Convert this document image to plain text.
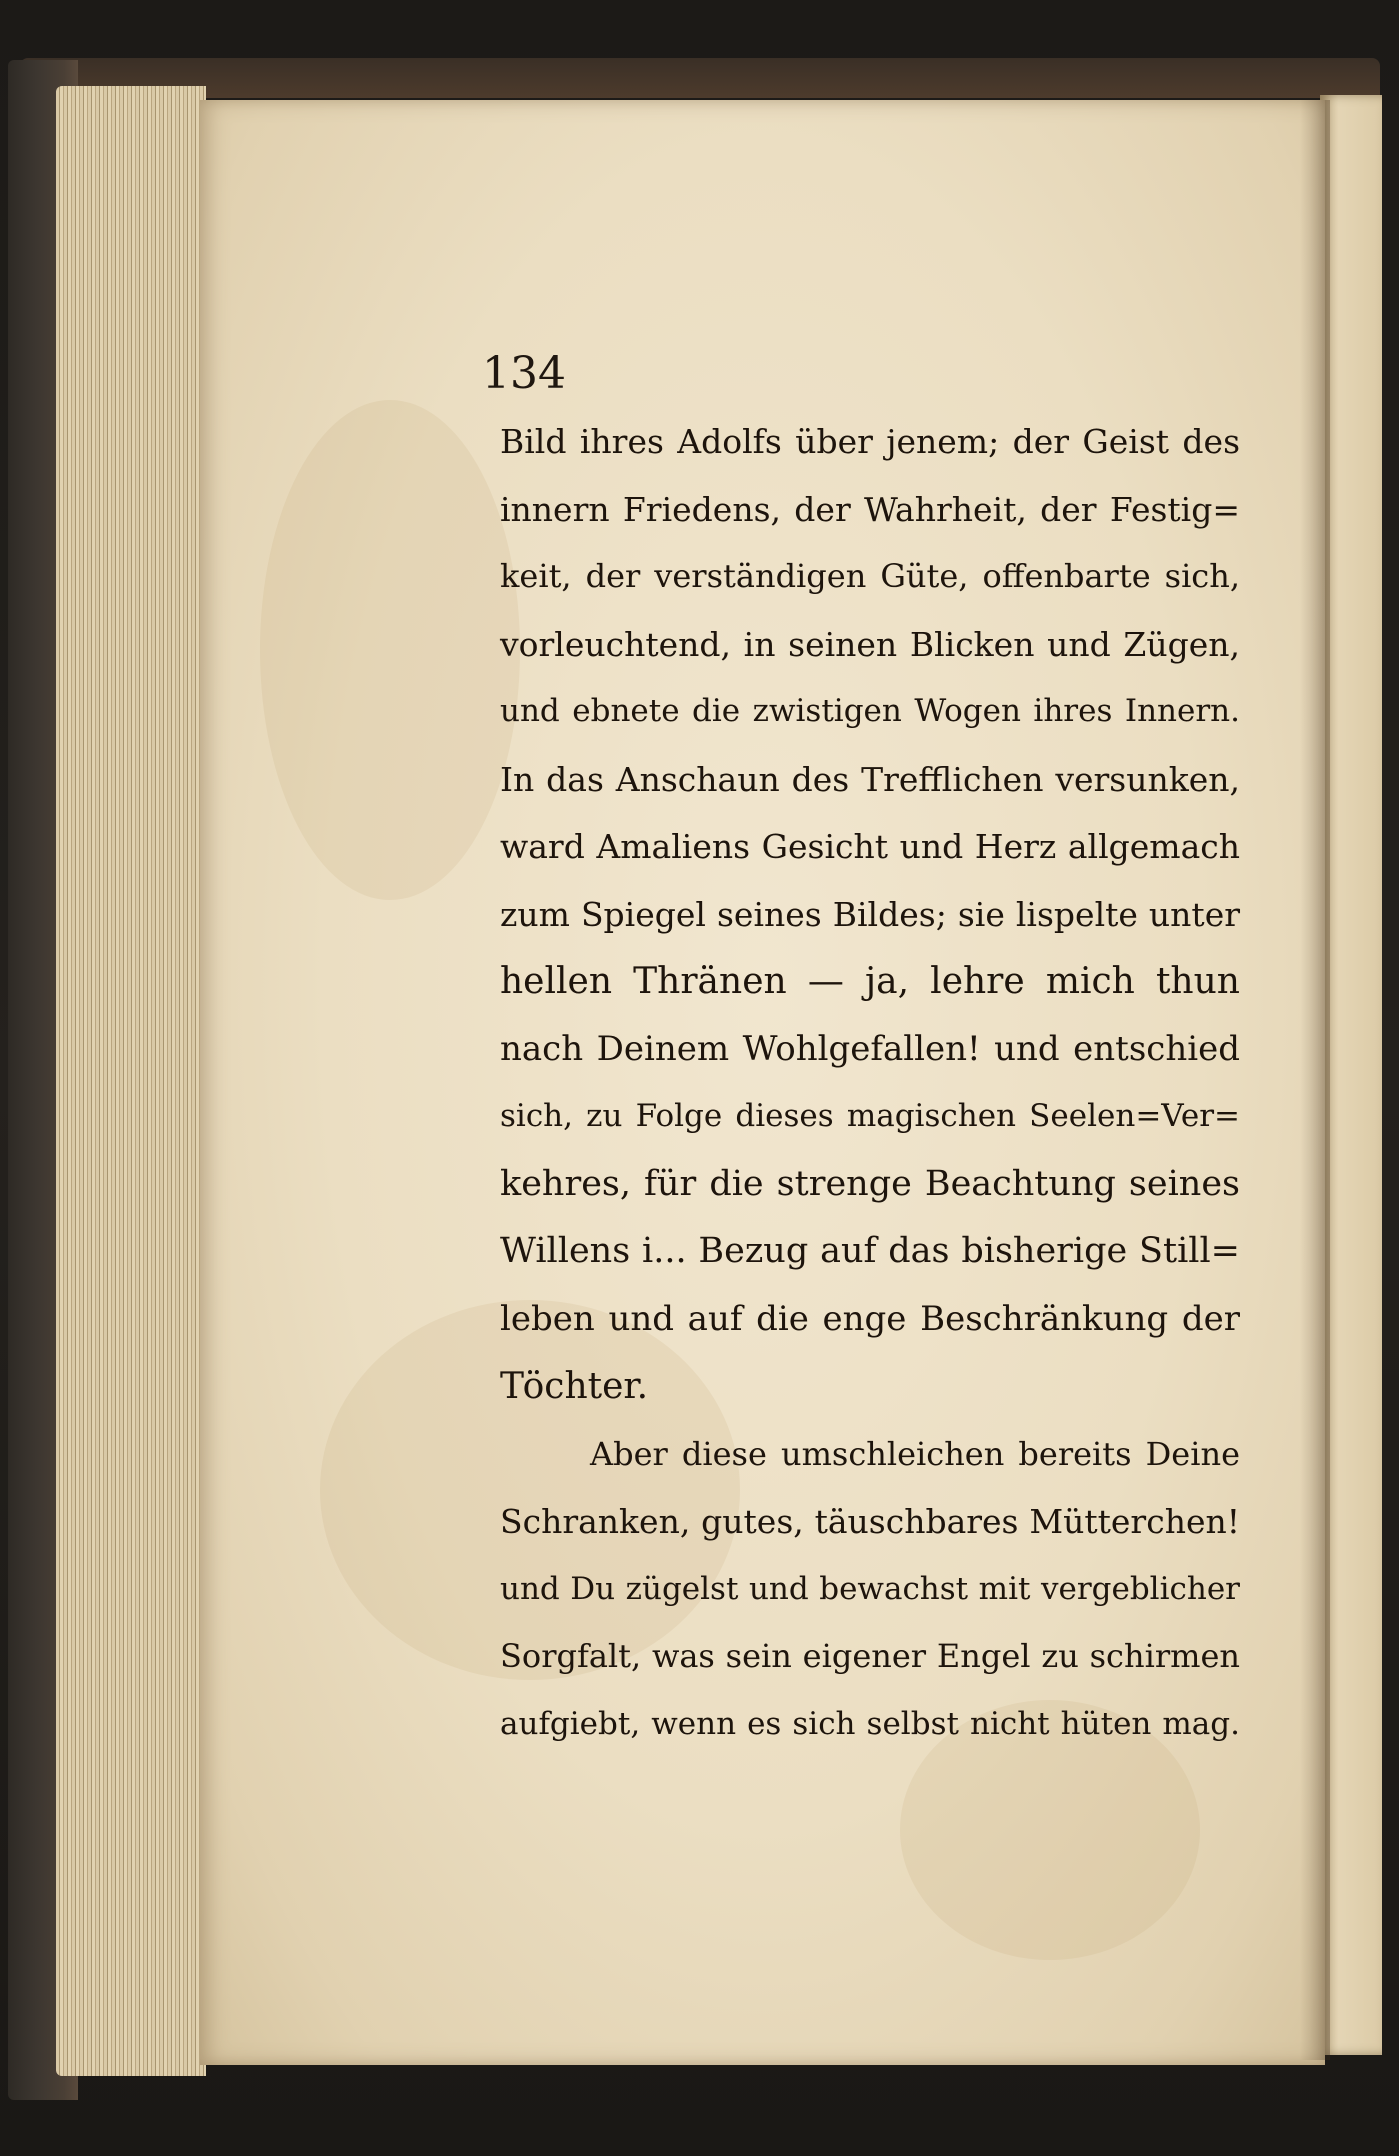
134
Bild ihres Adolfs über jenem; der Geist des
innern Friedens, der Wahrheit, der Festig=
keit, der verständigen Güte, offenbarte sich,
vorleuchtend, in seinen Blicken und Zügen,
und ebnete die zwistigen Wogen ihres Innern.
In das Anschaun des Trefflichen versunken,
ward Amaliens Gesicht und Herz allgemach
zum Spiegel seines Bildes; sie lispelte unter
hellen Thränen — ja, lehre mich thun
nach Deinem Wohlgefallen! und entschied
sich, zu Folge dieses magischen Seelen=Ver=
kehres, für die strenge Beachtung seines
Willens i... Bezug auf das bisherige Still=
leben und auf die enge Beschränkung der
Töchter.
Aber diese umschleichen bereits Deine
Schranken, gutes, täuschbares Mütterchen!
und Du zügelst und bewachst mit vergeblicher
Sorgfalt, was sein eigener Engel zu schirmen
aufgiebt, wenn es sich selbst nicht hüten mag.
